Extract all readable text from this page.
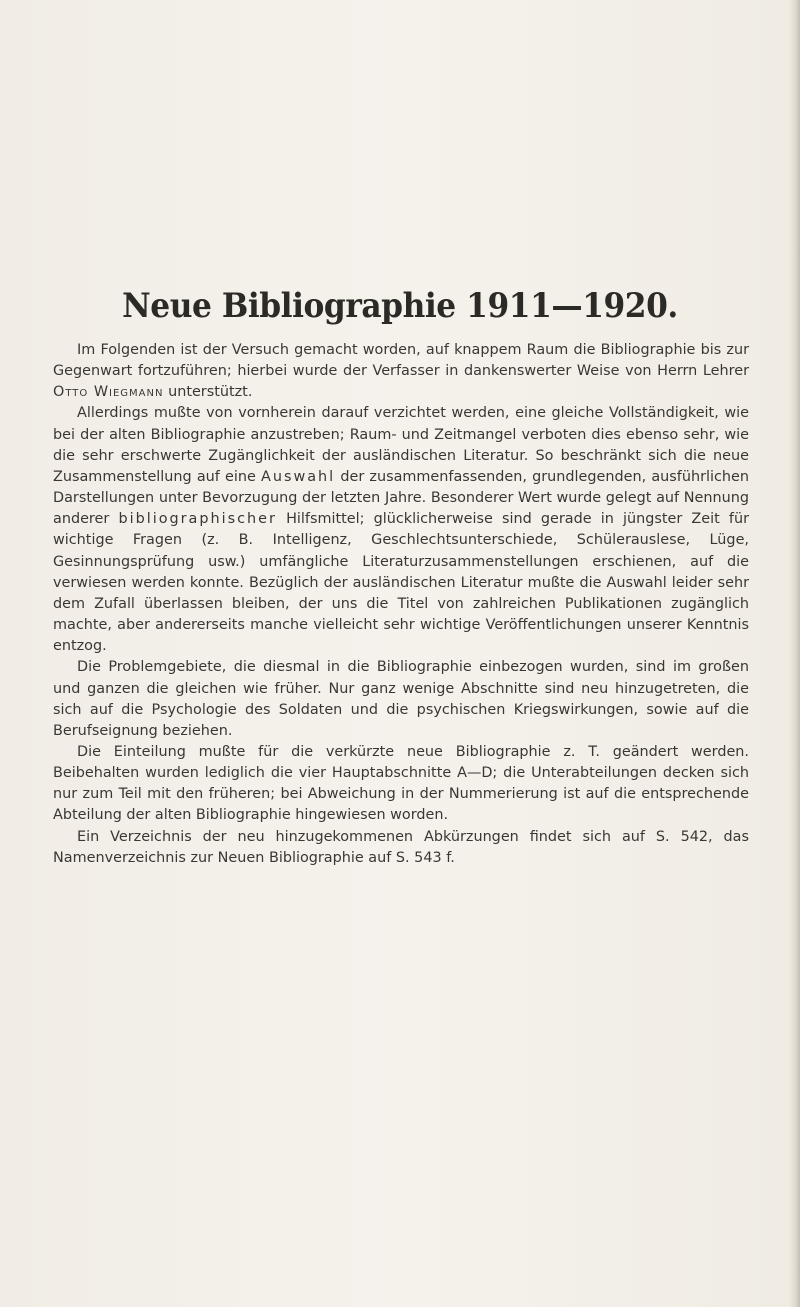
Neue Bibliographie 1911—1920.

Im Folgenden ist der Versuch gemacht worden, auf knappem Raum die Bibliographie bis zur Gegenwart fortzuführen; hierbei wurde der Verfasser in dankenswerter Weise von Herrn Lehrer Otto Wiegmann unterstützt.

Allerdings mußte von vornherein darauf verzichtet werden, eine gleiche Vollständigkeit, wie bei der alten Bibliographie anzustreben; Raum- und Zeitmangel verboten dies ebenso sehr, wie die sehr erschwerte Zugänglichkeit der ausländischen Literatur. So beschränkt sich die neue Zusammenstellung auf eine Auswahl der zusammenfassenden, grundlegenden, ausführlichen Darstellungen unter Bevorzugung der letzten Jahre. Besonderer Wert wurde gelegt auf Nennung anderer bibliographischer Hilfsmittel; glücklicherweise sind gerade in jüngster Zeit für wichtige Fragen (z. B. Intelligenz, Geschlechtsunterschiede, Schülerauslese, Lüge, Gesinnungsprüfung usw.) umfängliche Literaturzusammenstellungen erschienen, auf die verwiesen werden konnte. Bezüglich der ausländischen Literatur mußte die Auswahl leider sehr dem Zufall überlassen bleiben, der uns die Titel von zahlreichen Publikationen zugänglich machte, aber andererseits manche vielleicht sehr wichtige Veröffentlichungen unserer Kenntnis entzog.

Die Problemgebiete, die diesmal in die Bibliographie einbezogen wurden, sind im großen und ganzen die gleichen wie früher. Nur ganz wenige Abschnitte sind neu hinzugetreten, die sich auf die Psychologie des Soldaten und die psychischen Kriegswirkungen, sowie auf die Berufseignung beziehen.

Die Einteilung mußte für die verkürzte neue Bibliographie z. T. geändert werden. Beibehalten wurden lediglich die vier Hauptabschnitte A—D; die Unterabteilungen decken sich nur zum Teil mit den früheren; bei Abweichung in der Nummerierung ist auf die entsprechende Abteilung der alten Bibliographie hingewiesen worden.

Ein Verzeichnis der neu hinzugekommenen Abkürzungen findet sich auf S. 542, das Namenverzeichnis zur Neuen Bibliographie auf S. 543 f.
